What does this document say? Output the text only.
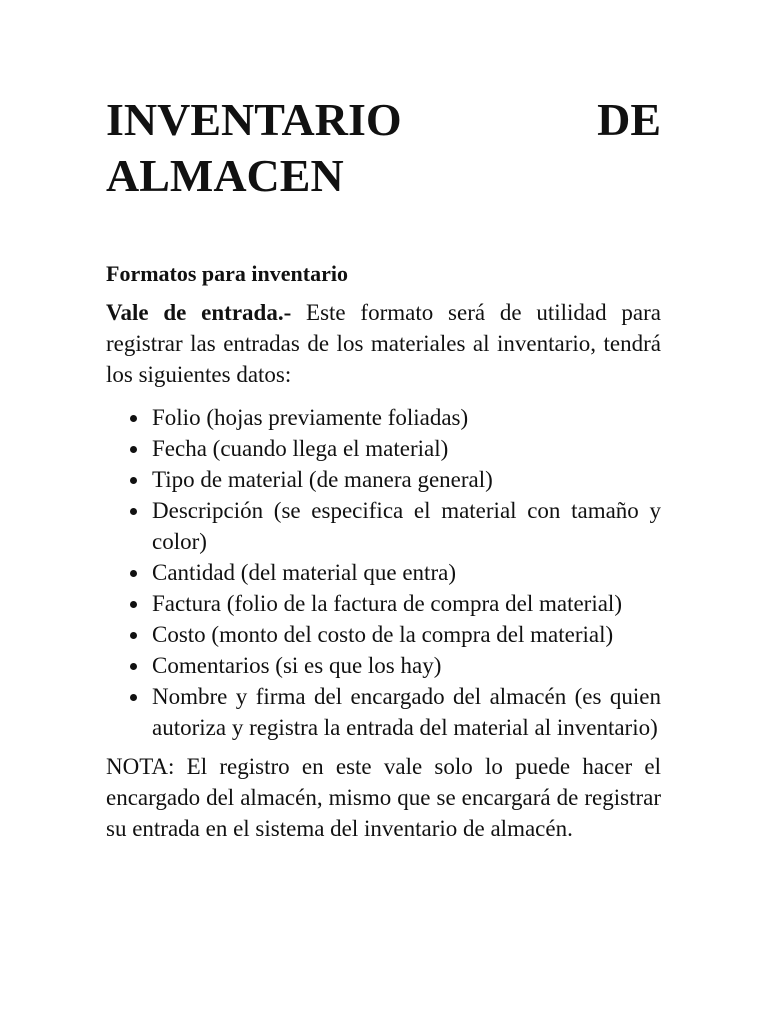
INVENTARIO	DE
ALMACEN

Formatos para inventario

Vale de entrada.- Este formato será de utilidad para registrar las entradas de los materiales al inventario, tendrá los siguientes datos:

Folio (hojas previamente foliadas)
Fecha (cuando llega el material)
Tipo de material (de manera general)
Descripción (se especifica el material con tamaño y color)
Cantidad (del material que entra)
Factura (folio de la factura de compra del material)
Costo (monto del costo de la compra del material)
Comentarios (si es que los hay)
Nombre y firma del encargado del almacén (es quien autoriza y registra la entrada del material al inventario)

NOTA: El registro en este vale solo lo puede hacer el encargado del almacén, mismo que se encargará de registrar su entrada en el sistema del inventario de almacén.
